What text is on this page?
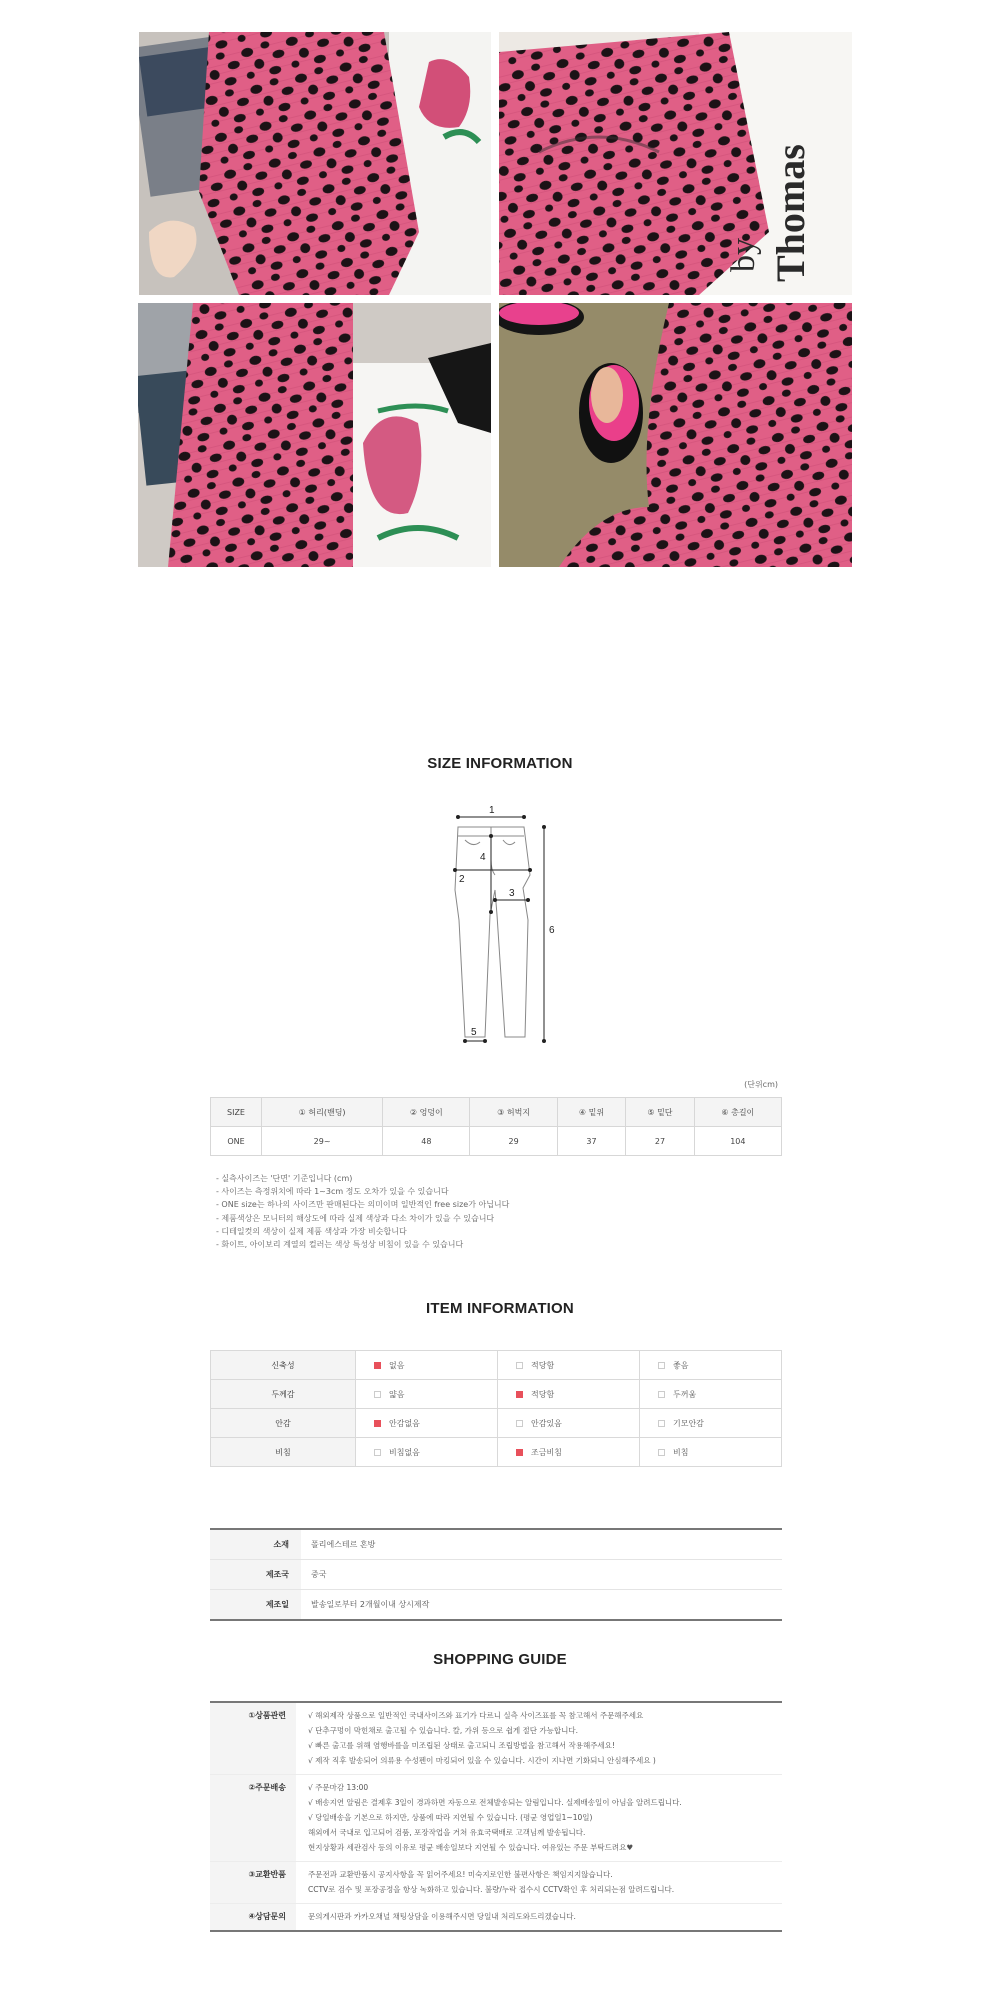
Thomas
by
SIZE INFORMATION
1
2
3
4
5
6
(단위cm)
SIZE	① 허리(밴딩)	② 엉덩이	③ 허벅지	④ 밑위	⑤ 밑단	⑥ 총길이
ONE	29~	48	29	37	27	104
- 실측사이즈는 '단면' 기준입니다 (cm)
- 사이즈는 측정위치에 따라 1~3cm 정도 오차가 있을 수 있습니다
- ONE size는 하나의 사이즈만 판매된다는 의미이며 일반적인 free size가 아닙니다
- 제품색상은 모니터의 해상도에 따라 실제 색상과 다소 차이가 있을 수 있습니다
- 디테일컷의 색상이 실제 제품 색상과 가장 비슷합니다
- 화이트, 아이보리 계열의 컬러는 색상 특성상 비침이 있을 수 있습니다
ITEM INFORMATION
신축성	없음	적당함	좋음
두께감	얇음	적당함	두꺼움
안감	안감없음	안감있음	기모안감
비침	비침없음	조금비침	비침
소재	폴리에스테르 혼방
제조국	중국
제조일	발송일로부터 2개월이내 상시제작
SHOPPING GUIDE
①상품관련	√ 해외제작 상품으로 일반적인 국내사이즈와 표기가 다르니 실측 사이즈표를 꼭 참고해서 주문해주세요
√ 단추구멍이 막힌채로 출고될 수 있습니다. 칼, 가위 등으로 쉽게 절단 가능합니다.
√ 빠른 출고를 위해 염행바를을 미조립된 상태로 출고되니 조립방법을 참고해서 작용해주세요!
√ 제작 직후 발송되어 의류용 수성펜이 마킹되어 있을 수 있습니다. 시간이 지나면 기화되니 안심해주세요 )
②주문배송	√ 주문마감 13:00
√ 배송지연 알림은 결제후 3일이 경과하면 자동으로 전체발송되는 알림입니다. 실제배송일이 아님을 알려드립니다.
√ 당일배송을 기본으로 하지만, 상품에 따라 지연될 수 있습니다. (평균 영업일1~10일)
해외에서 국내로 입고되어 검품, 포장작업을 거쳐 유효국택배로 고객님께 발송됩니다.
현지상황과 세관검사 등의 이유로 평균 배송일보다 지연될 수 있습니다. 여유있는 주문 부탁드려요♥
③교환반품	주문전과 교환반품시 공지사항을 꼭 읽어주세요! 미숙지로인한 불편사항은 책임지지않습니다.
CCTV로 검수 및 포장공정을 항상 녹화하고 있습니다. 불량/누락 접수시 CCTV확인 후 처리되는점 알려드립니다.
④상담문의	문의게시판과 카카오채널 채팅상담을 이용해주시면 당일내 처리도와드리겠습니다.
